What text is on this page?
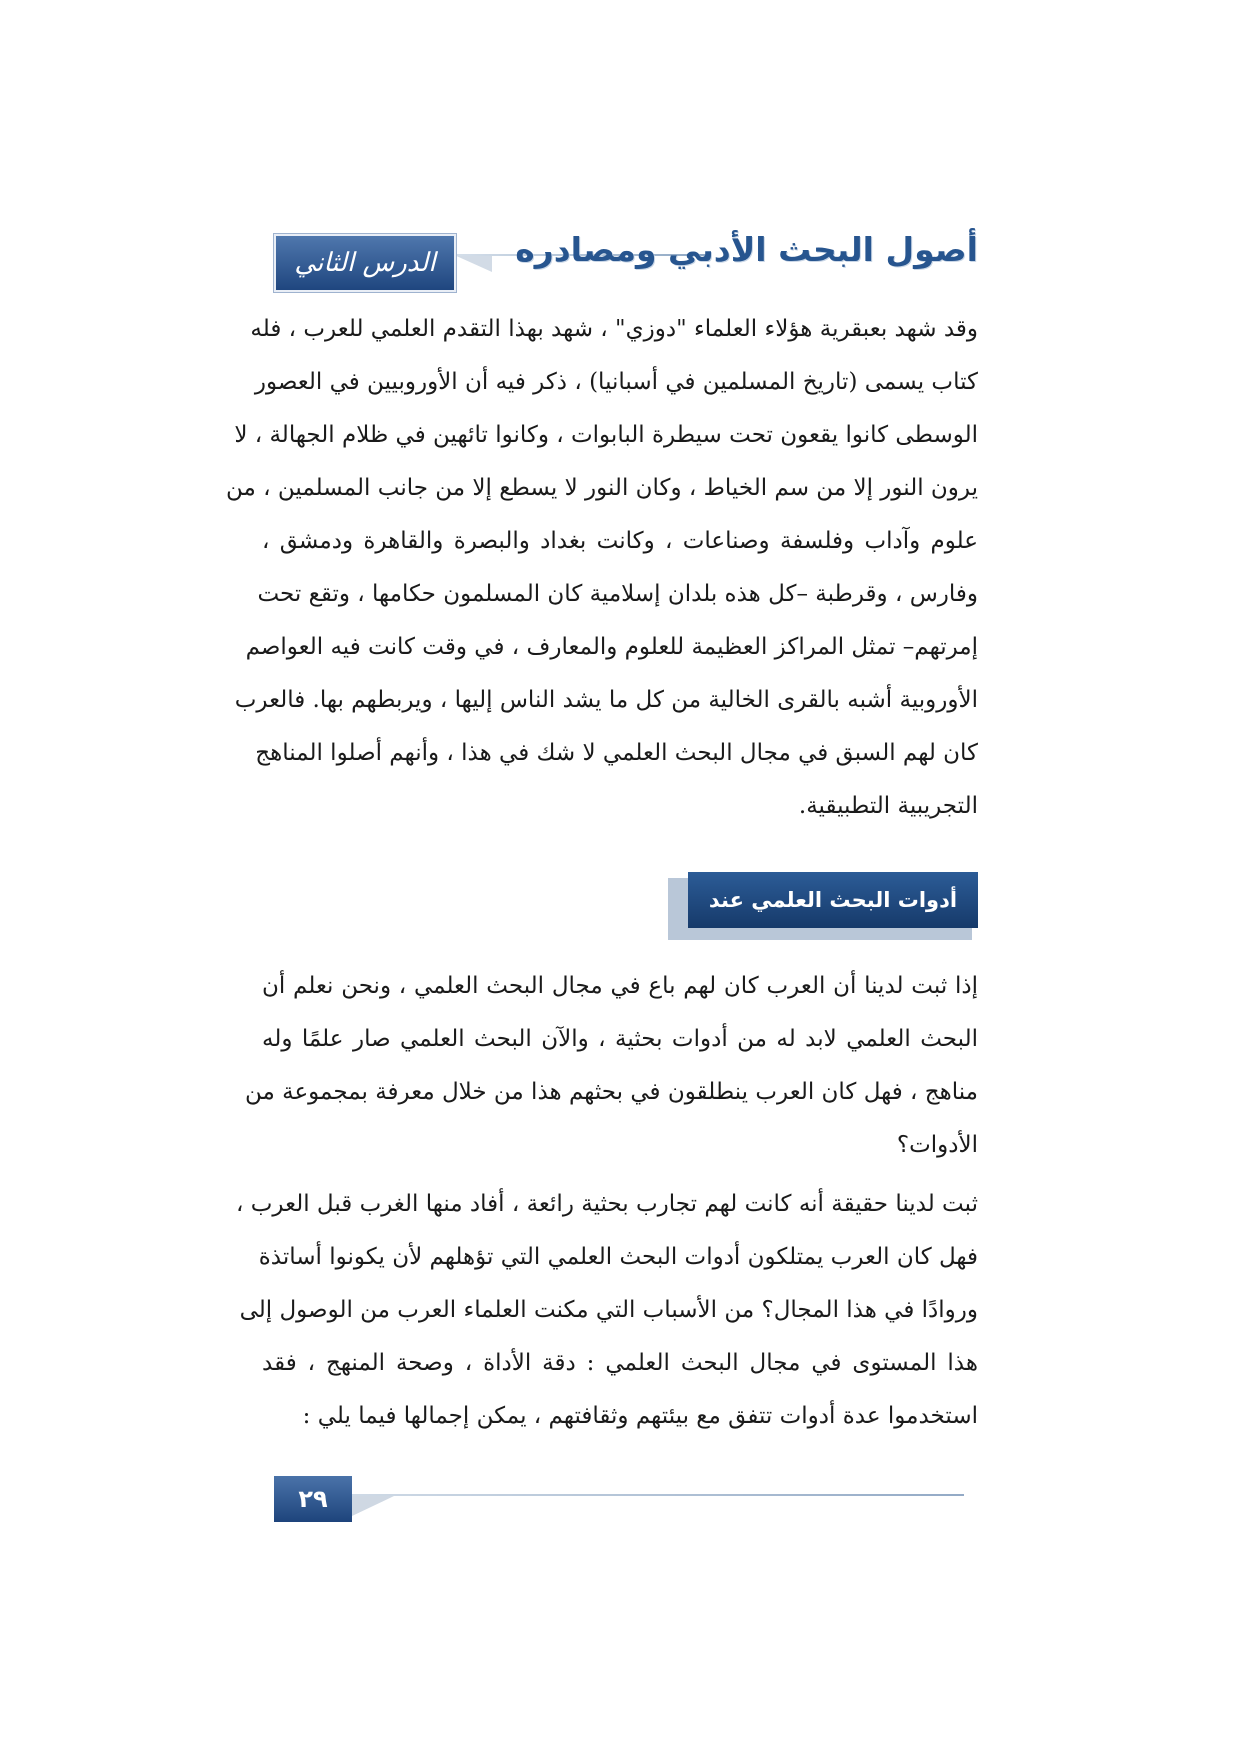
أصول البحث الأدبي ومصادره
الدرس الثاني
وقد شهد بعبقرية هؤلاء العلماء "دوزي" ، شهد بهذا التقدم العلمي للعرب ، فله
كتاب يسمى (تاريخ المسلمين في أسبانيا) ، ذكر فيه أن الأوروبيين في العصور
الوسطى كانوا يقعون تحت سيطرة البابوات ، وكانوا تائهين في ظلام الجهالة ، لا
يرون النور إلا من سم الخياط ، وكان النور لا يسطع إلا من جانب المسلمين ، من
علوم وآداب وفلسفة وصناعات ، وكانت بغداد والبصرة والقاهرة ودمشق ،
وفارس ، وقرطبة –كل هذه بلدان إسلامية كان المسلمون حكامها ، وتقع تحت
إمرتهم– تمثل المراكز العظيمة للعلوم والمعارف ، في وقت كانت فيه العواصم
الأوروبية أشبه بالقرى الخالية من كل ما يشد الناس إليها ، ويربطهم بها. فالعرب
كان لهم السبق في مجال البحث العلمي لا شك في هذا ، وأنهم أصلوا المناهج
التجريبية التطبيقية.
أدوات البحث العلمي عند العرب
إذا ثبت لدينا أن العرب كان لهم باع في مجال البحث العلمي ، ونحن نعلم أن
البحث العلمي لابد له من أدوات بحثية ، والآن البحث العلمي صار علمًا وله
مناهج ، فهل كان العرب ينطلقون في بحثهم هذا من خلال معرفة بمجموعة من
الأدوات؟
ثبت لدينا حقيقة أنه كانت لهم تجارب بحثية رائعة ، أفاد منها الغرب قبل العرب ،
فهل كان العرب يمتلكون أدوات البحث العلمي التي تؤهلهم لأن يكونوا أساتذة
وروادًا في هذا المجال؟ من الأسباب التي مكنت العلماء العرب من الوصول إلى
هذا المستوى في مجال البحث العلمي : دقة الأداة ، وصحة المنهج ، فقد
استخدموا عدة أدوات تتفق مع بيئتهم وثقافتهم ، يمكن إجمالها فيما يلي :
٢٩
